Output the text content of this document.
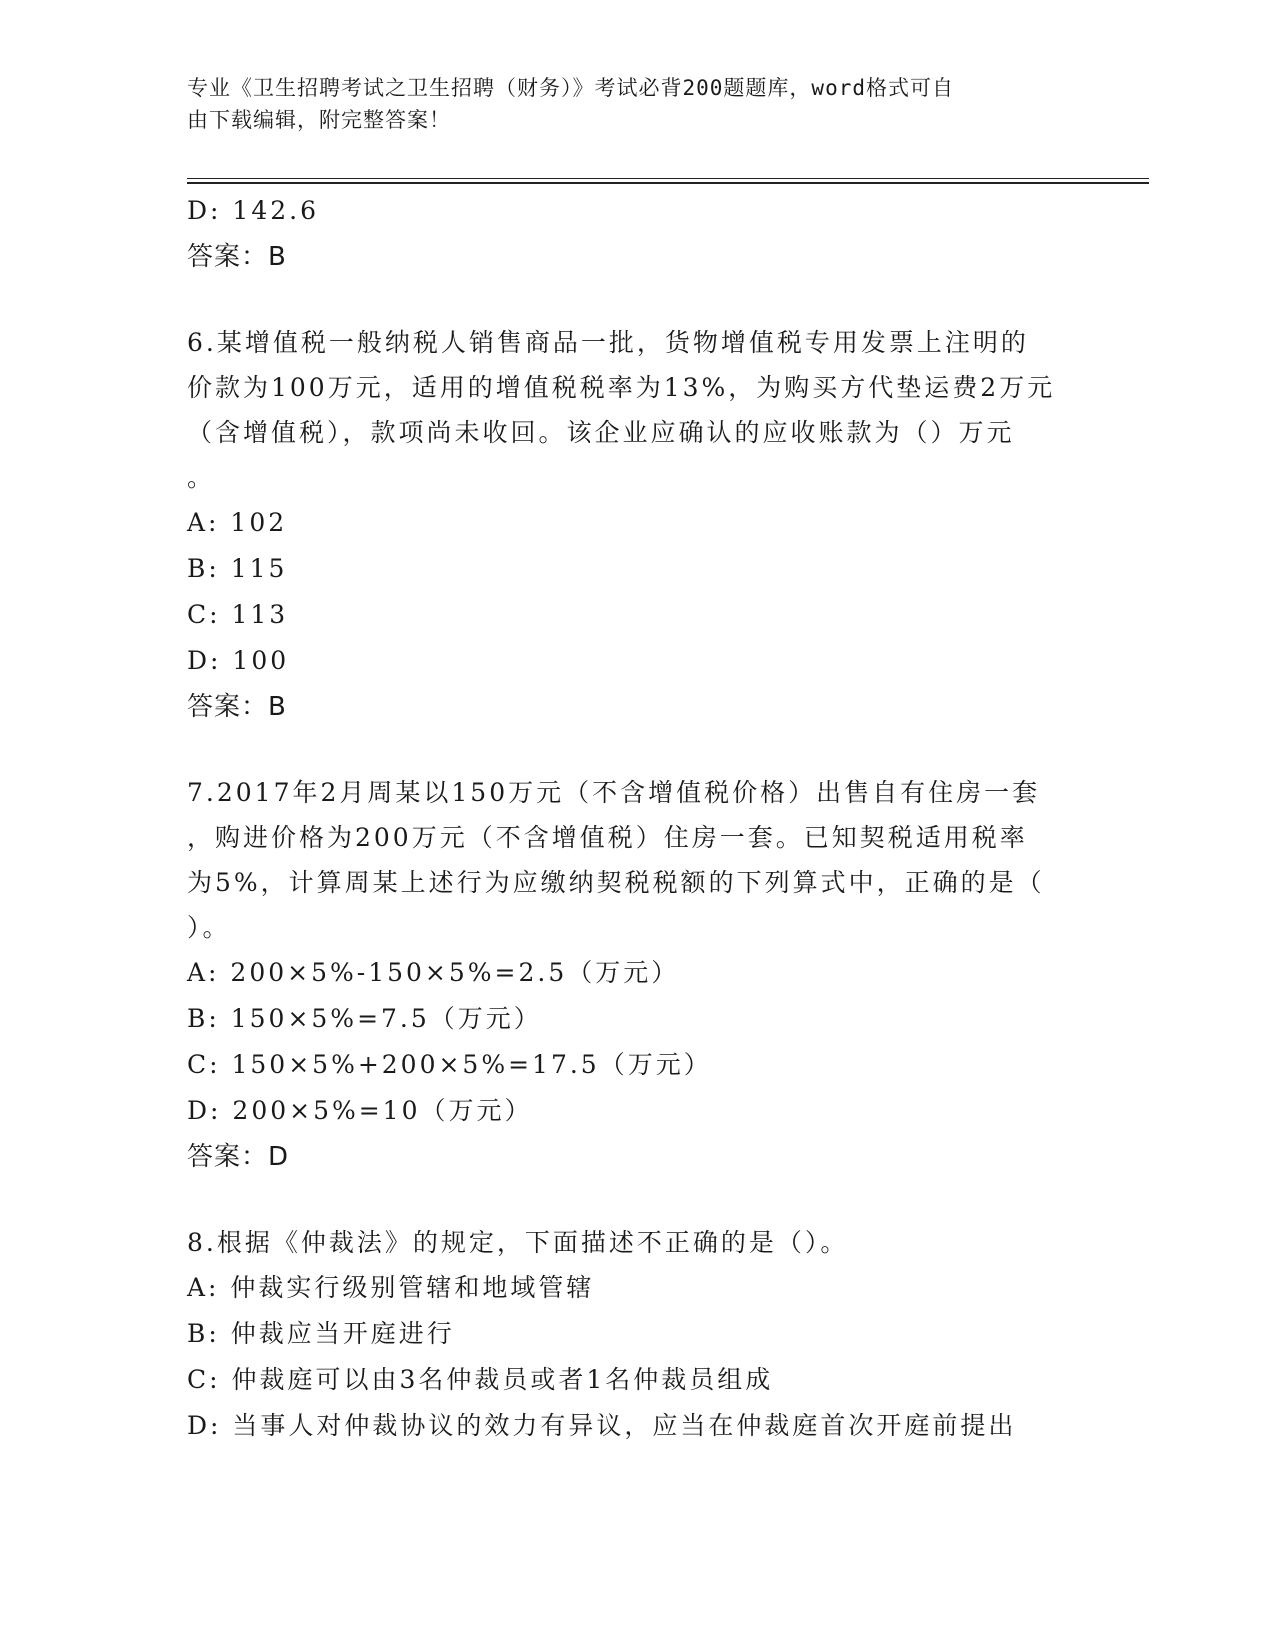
专业《卫生招聘考试之卫生招聘（财务）》考试必背200题题库，word格式可自
由下载编辑，附完整答案！
D: 142.6
答案：B
6.某增值税一般纳税人销售商品一批，货物增值税专用发票上注明的
价款为100万元，适用的增值税税率为13%，为购买方代垫运费2万元
（含增值税），款项尚未收回。该企业应确认的应收账款为（）万元
。
A: 102
B: 115
C: 113
D: 100
答案：B
7.2017年2月周某以150万元（不含增值税价格）出售自有住房一套
，购进价格为200万元（不含增值税）住房一套。已知契税适用税率
为5%，计算周某上述行为应缴纳契税税额的下列算式中，正确的是（
）。
A: 200×5%-150×5%=2.5（万元）
B: 150×5%=7.5（万元）
C: 150×5%+200×5%=17.5（万元）
D: 200×5%=10（万元）
答案：D
8.根据《仲裁法》的规定，下面描述不正确的是（）。
A: 仲裁实行级别管辖和地域管辖
B: 仲裁应当开庭进行
C: 仲裁庭可以由3名仲裁员或者1名仲裁员组成
D: 当事人对仲裁协议的效力有异议，应当在仲裁庭首次开庭前提出
